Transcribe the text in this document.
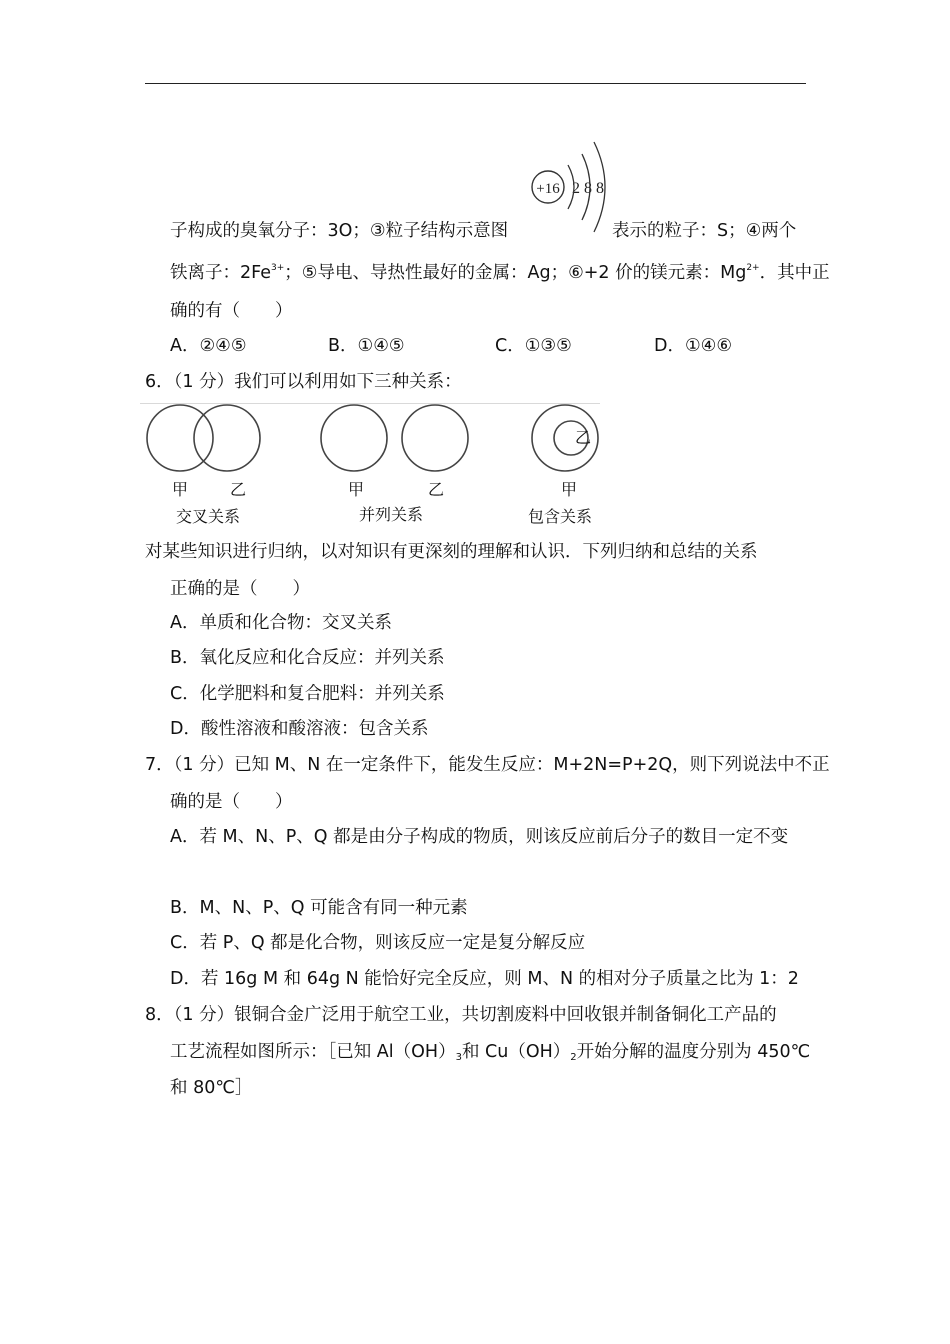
+16 2 8 8
子构成的臭氧分子：3O；③粒子结构示意图	表示的粒子：S；④两个
铁离子：$2Fe^{3+}$；⑤导电、导热性最好的金属：Ag；⑥+2 价的镁元素：$Mg^{2+}$．其中正
确的有（　　）
A．②④⑤	B．①④⑤	C．①③⑤	D．①④⑥
6．（1 分）我们可以利用如下三种关系：
乙
甲	乙	甲	乙	甲
交叉关系	并列关系	包含关系
对某些知识进行归纳，以对知识有更深刻的理解和认识．下列归纳和总结的关系
正确的是（　　）
A．单质和化合物：交叉关系
B．氧化反应和化合反应：并列关系
C．化学肥料和复合肥料：并列关系
D．酸性溶液和酸溶液：包含关系
7．（1 分）已知 M、N 在一定条件下，能发生反应：M+2N=P+2Q，则下列说法中不正
确的是（　　）
A．若 M、N、P、Q 都是由分子构成的物质，则该反应前后分子的数目一定不变
B．M、N、P、Q 可能含有同一种元素
C．若 P、Q 都是化合物，则该反应一定是复分解反应
D．若 16g M 和 64g N 能恰好完全反应，则 M、N 的相对分子质量之比为 1：2
8．（1 分）银铜合金广泛用于航空工业，共切割废料中回收银并制备铜化工产品的
工艺流程如图所示：［已知 $Al(OH)_3$和 $Cu(OH)_2$开始分解的温度分别为 450℃
和 80℃］
